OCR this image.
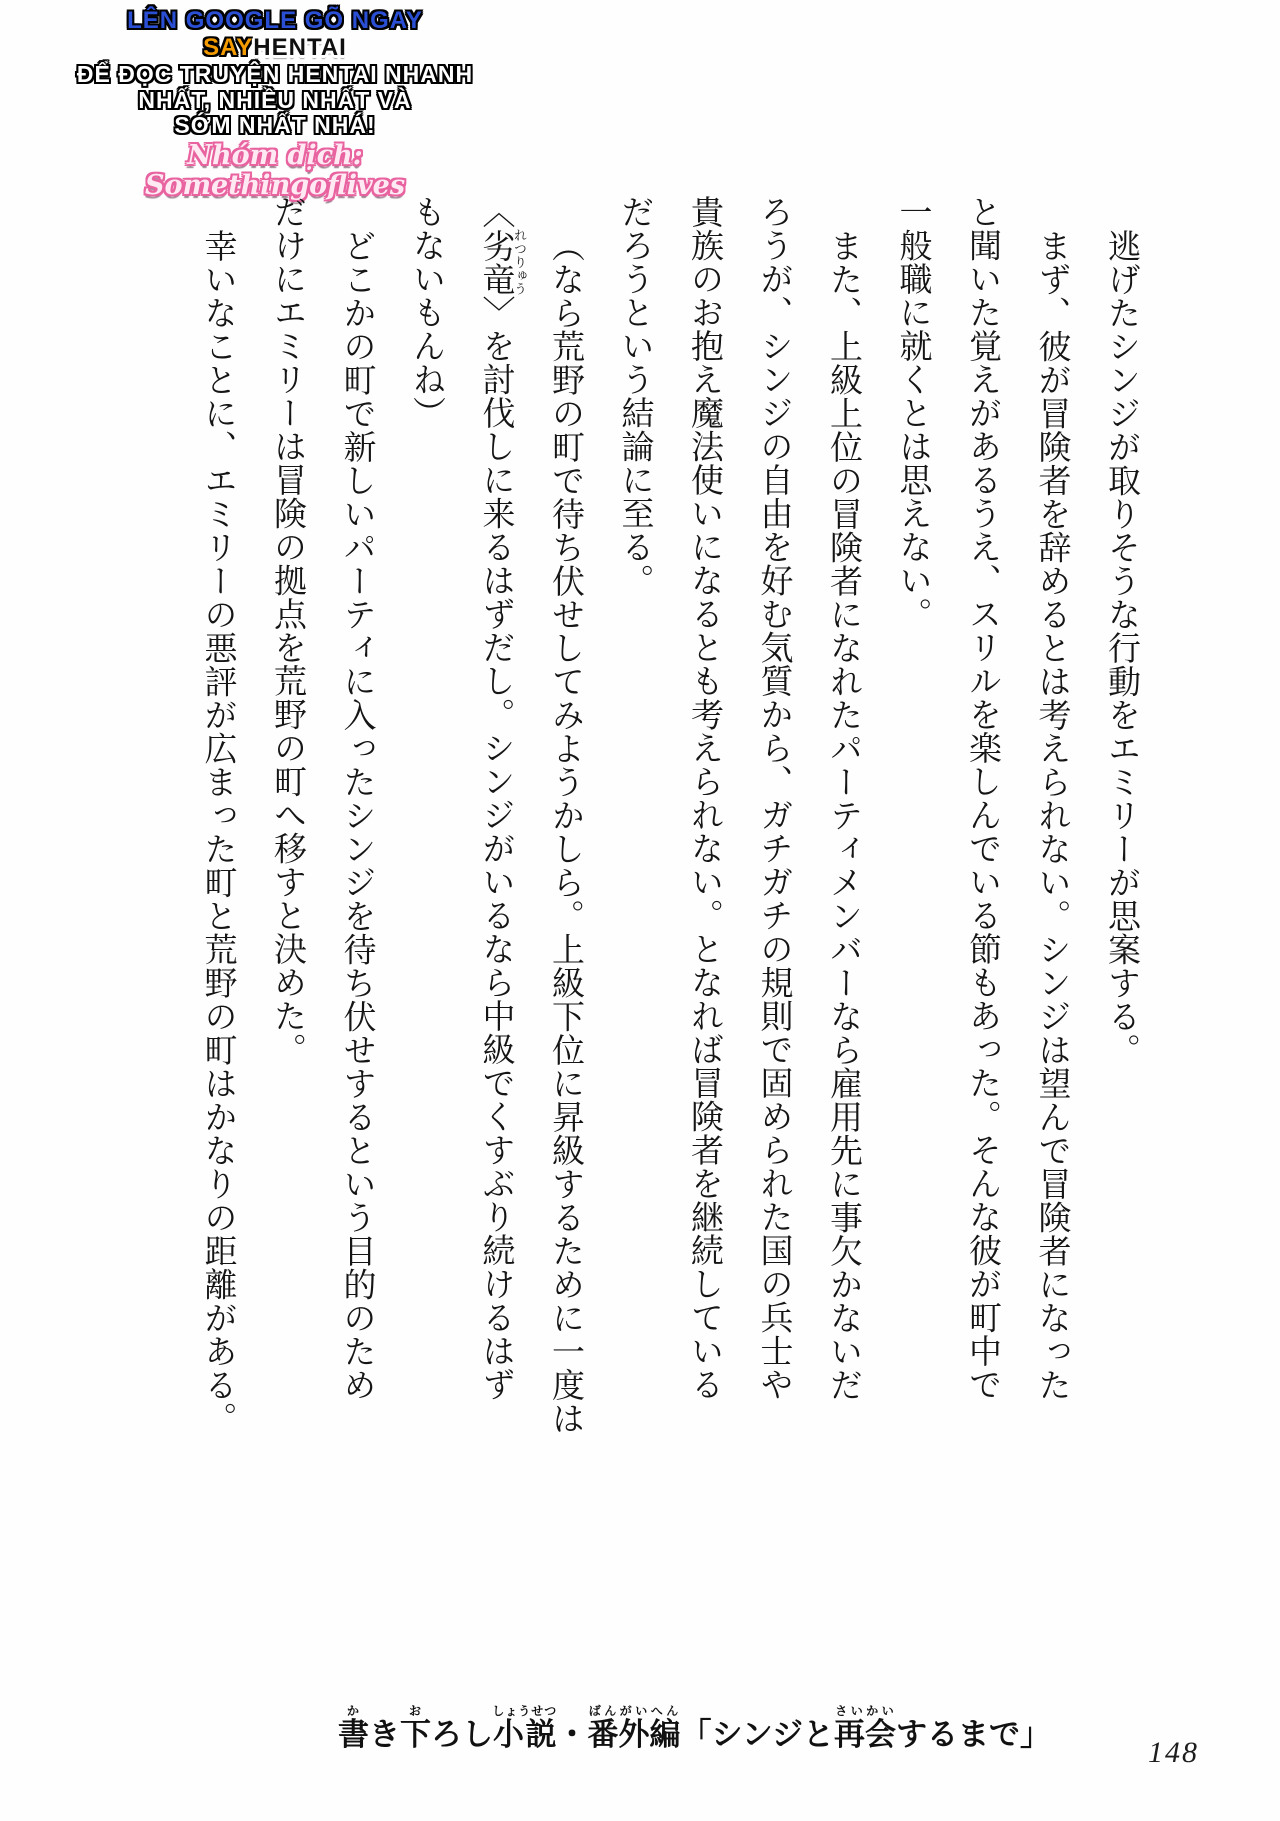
LÊN GOOGLE GÕ NGAY
SAYHENTAI
ĐỂ ĐỌC TRUYỆN HENTAI NHANH
NHẤT, NHIỀU NHẤT VÀ
SỚM NHẤT NHÁ!
Nhóm dịch: Somethingoflives
逃げたシンジが取りそうな行動をエミリーが思案する。
まず、彼が冒険者を辞めるとは考えられない。シンジは望んで冒険者になった
と聞いた覚えがあるうえ、スリルを楽しんでいる節もあった。そんな彼が町中で
一般職に就くとは思えない。
また、上級上位の冒険者になれたパーティメンバーなら雇用先に事欠かないだ
ろうが、シンジの自由を好む気質から、ガチガチの規則で固められた国の兵士や
貴族のお抱え魔法使いになるとも考えられない。となれば冒険者を継続している
だろうという結論に至る。
（なら荒野の町で待ち伏せしてみようかしら。上級下位に昇級するために一度は
〈劣竜れつりゅう〉を討伐しに来るはずだし。シンジがいるなら中級でくすぶり続けるはず
もないもんね）
どこかの町で新しいパーティに入ったシンジを待ち伏せするという目的のため
だけにエミリーは冒険の拠点を荒野の町へ移すと決めた。
幸いなことに、エミリーの悪評が広まった町と荒野の町はかなりの距離がある。
書かき下おろし小説しょうせつ・番外編ばんがいへん「シンジと再会さいかいするまで」
148
